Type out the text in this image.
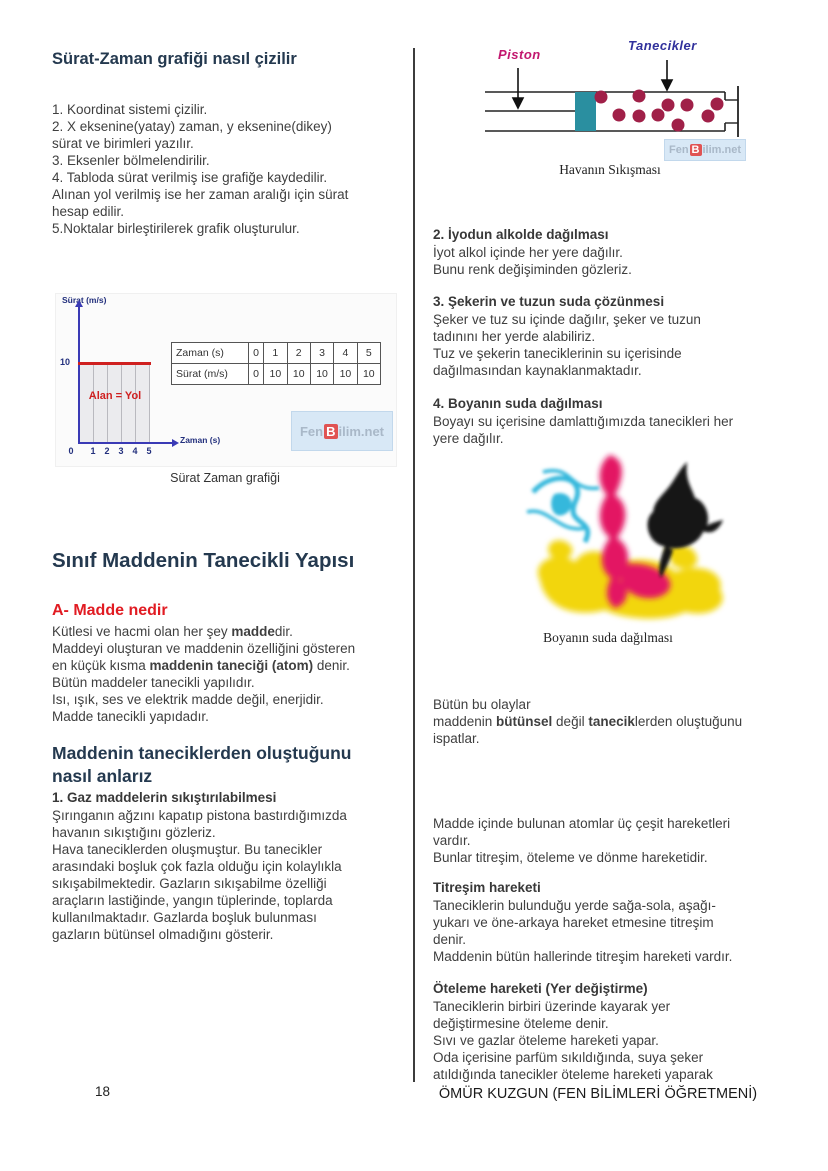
Sürat-Zaman grafiği nasıl çizilir
1. Koordinat sistemi çizilir.
2. X eksenine(yatay) zaman, y eksenine(dikey)
sürat ve birimleri yazılır.
3. Eksenler bölmelendirilir.
4. Tabloda sürat verilmiş ise grafiğe kaydedilir.
Alınan yol verilmiş ise her zaman aralığı için sürat
hesap edilir.
5.Noktalar birleştirilerek grafik oluşturulur.
Sürat (m/s)
Zaman (s)
10
Alan = Yol
0 1 2 3 4 5
Zaman (s)	0	1	2	3	4	5
Sürat (m/s)	0	10	10	10	10	10
Fen B ilim.net
Sürat Zaman grafiği
Sınıf Maddenin Tanecikli Yapısı
A- Madde nedir
Kütlesi ve hacmi olan her şey maddedir.
Maddeyi oluşturan ve maddenin özelliğini gösteren
en küçük kısma maddenin taneciği (atom) denir.
Bütün maddeler tanecikli yapılıdır.
Isı, ışık, ses ve elektrik madde değil, enerjidir.
Madde tanecikli yapıdadır.
Maddenin taneciklerden oluştuğunu
nasıl anlarız
1. Gaz maddelerin sıkıştırılabilmesi
Şırınganın ağzını kapatıp pistona bastırdığımızda
havanın sıkıştığını gözleriz.
Hava taneciklerden oluşmuştur. Bu tanecikler
arasındaki boşluk çok fazla olduğu için kolaylıkla
sıkışabilmektedir. Gazların sıkışabilme özelliği
araçların lastiğinde, yangın tüplerinde, toplarda
kullanılmaktadır. Gazlarda boşluk bulunması
gazların bütünsel olmadığını gösterir.
18
Piston
Tanecikler
Fen B ilim.net
Havanın Sıkışması
2. İyodun alkolde dağılması
İyot alkol içinde her yere dağılır.
Bunu renk değişiminden gözleriz.
3. Şekerin ve tuzun suda çözünmesi
Şeker ve tuz su içinde dağılır, şeker ve tuzun
tadınını her yerde alabiliriz.
Tuz ve şekerin taneciklerinin su içerisinde
dağılmasından kaynaklanmaktadır.
4. Boyanın suda dağılması
Boyayı su içerisine damlattığımızda tanecikleri her
yere dağılır.
Boyanın suda dağılması
Bütün bu olaylar
maddenin bütünsel değil taneciklerden oluştuğunu
ispatlar.
Madde içinde bulunan atomlar üç çeşit hareketleri
vardır.
Bunlar titreşim, öteleme ve dönme hareketidir.
Titreşim hareketi
Taneciklerin bulunduğu yerde sağa-sola, aşağı-
yukarı ve öne-arkaya hareket etmesine titreşim
denir.
Maddenin bütün hallerinde titreşim hareketi vardır.
Öteleme hareketi (Yer değiştirme)
Taneciklerin birbiri üzerinde kayarak yer
değiştirmesine öteleme denir.
Sıvı ve gazlar öteleme hareketi yapar.
Oda içerisine parfüm sıkıldığında, suya şeker
atıldığında tanecikler öteleme hareketi yaparak
ÖMÜR KUZGUN (FEN BİLİMLERİ ÖĞRETMENİ)
